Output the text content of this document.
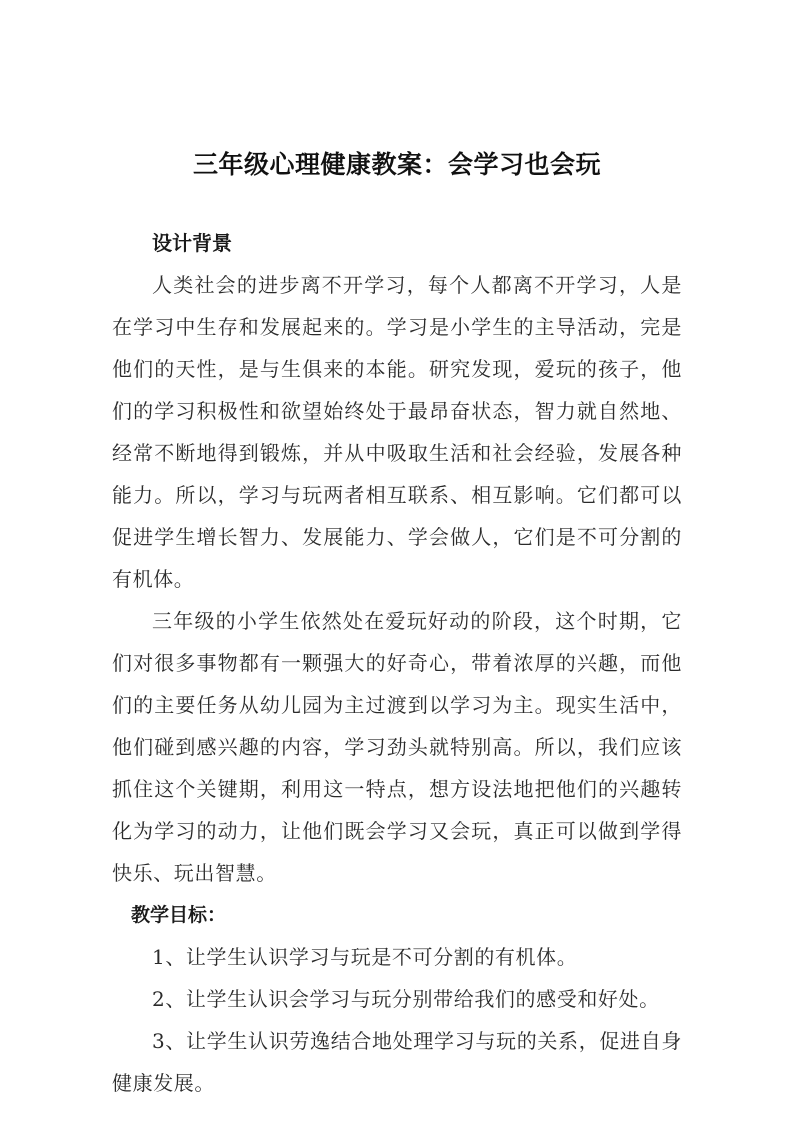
三年级心理健康教案：会学习也会玩
设计背景

人类社会的进步离不开学习，每个人都离不开学习，人是在学习中生存和发展起来的。学习是小学生的主导活动，完是他们的天性，是与生俱来的本能。研究发现，爱玩的孩子，他们的学习积极性和欲望始终处于最昂奋状态，智力就自然地、经常不断地得到锻炼，并从中吸取生活和社会经验，发展各种能力。所以，学习与玩两者相互联系、相互影响。它们都可以促进学生增长智力、发展能力、学会做人，它们是不可分割的有机体。

三年级的小学生依然处在爱玩好动的阶段，这个时期，它们对很多事物都有一颗强大的好奇心，带着浓厚的兴趣，而他们的主要任务从幼儿园为主过渡到以学习为主。现实生活中，他们碰到感兴趣的内容，学习劲头就特别高。所以，我们应该抓住这个关键期，利用这一特点，想方设法地把他们的兴趣转化为学习的动力，让他们既会学习又会玩，真正可以做到学得快乐、玩出智慧。

教学目标：

1、让学生认识学习与玩是不可分割的有机体。

2、让学生认识会学习与玩分别带给我们的感受和好处。

3、让学生认识劳逸结合地处理学习与玩的关系，促进自身健康发展。
